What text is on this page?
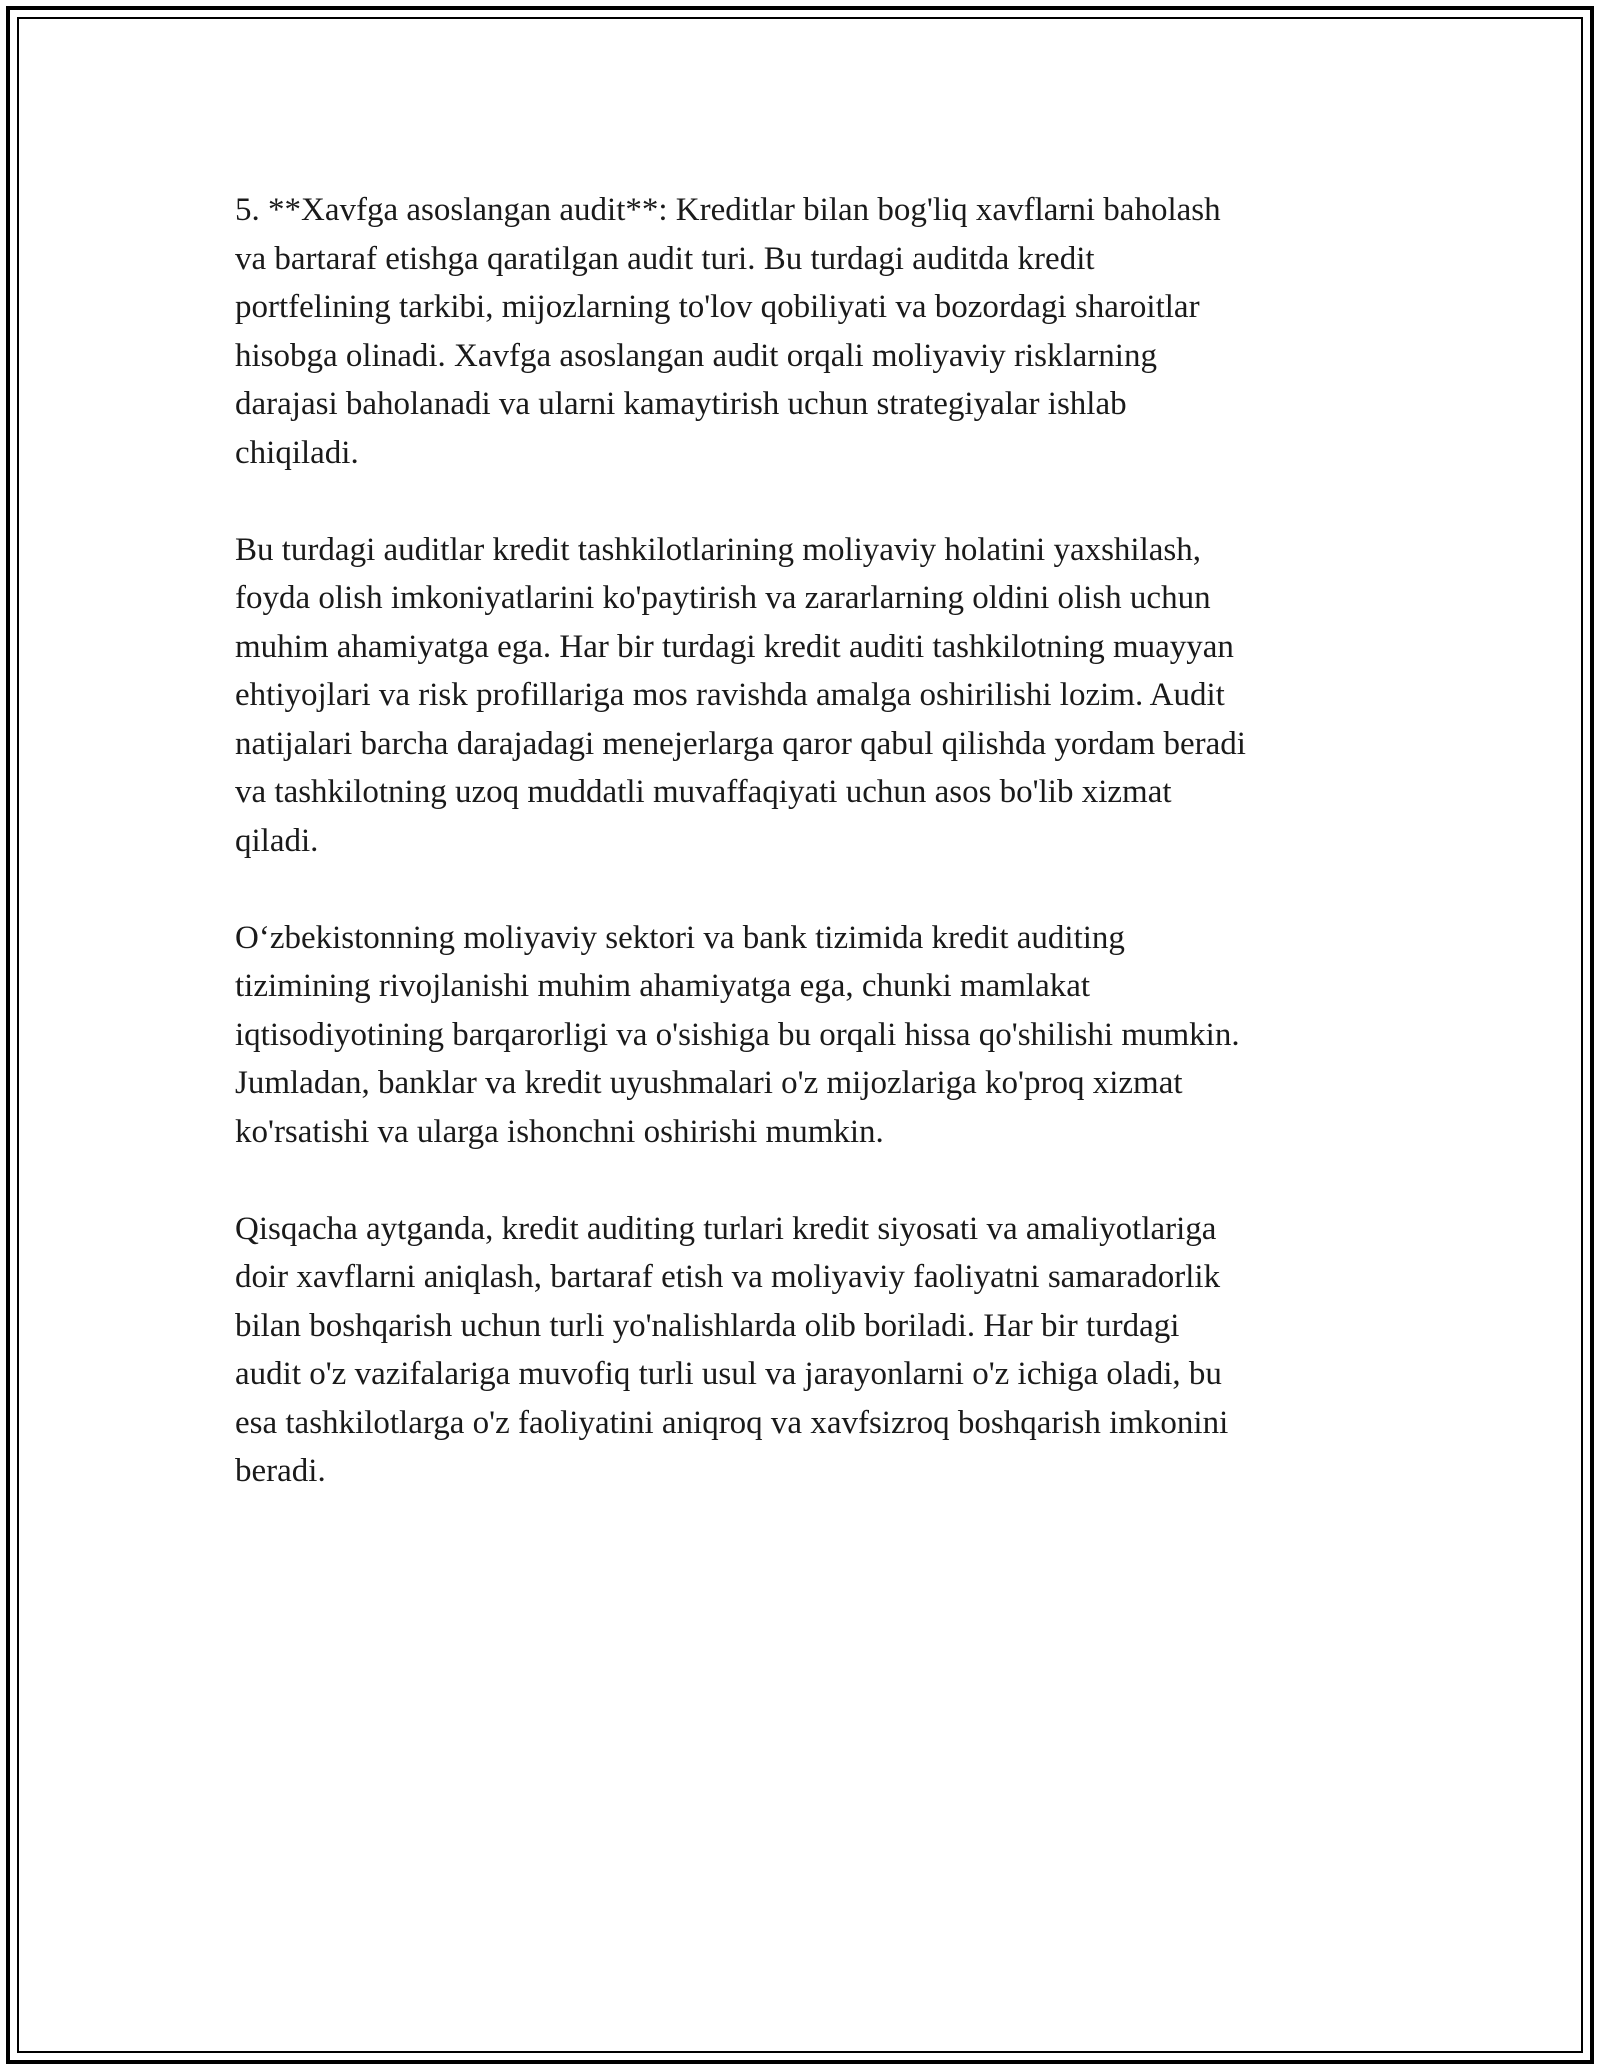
5. **Xavfga asoslangan audit**: Kreditlar bilan bog'liq xavflarni baholash

va bartaraf etishga qaratilgan audit turi. Bu turdagi auditda kredit

portfelining tarkibi, mijozlarning to'lov qobiliyati va bozordagi sharoitlar

hisobga olinadi. Xavfga asoslangan audit orqali moliyaviy risklarning

darajasi baholanadi va ularni kamaytirish uchun strategiyalar ishlab

chiqiladi.

Bu turdagi auditlar kredit tashkilotlarining moliyaviy holatini yaxshilash,

foyda olish imkoniyatlarini ko'paytirish va zararlarning oldini olish uchun

muhim ahamiyatga ega. Har bir turdagi kredit auditi tashkilotning muayyan

ehtiyojlari va risk profillariga mos ravishda amalga oshirilishi lozim. Audit

natijalari barcha darajadagi menejerlarga qaror qabul qilishda yordam beradi

va tashkilotning uzoq muddatli muvaffaqiyati uchun asos bo'lib xizmat

qiladi.

O‘zbekistonning moliyaviy sektori va bank tizimida kredit auditing

tizimining rivojlanishi muhim ahamiyatga ega, chunki mamlakat

iqtisodiyotining barqarorligi va o'sishiga bu orqali hissa qo'shilishi mumkin.

Jumladan, banklar va kredit uyushmalari o'z mijozlariga ko'proq xizmat

ko'rsatishi va ularga ishonchni oshirishi mumkin.

Qisqacha aytganda, kredit auditing turlari kredit siyosati va amaliyotlariga

doir xavflarni aniqlash, bartaraf etish va moliyaviy faoliyatni samaradorlik

bilan boshqarish uchun turli yo'nalishlarda olib boriladi. Har bir turdagi

audit o'z vazifalariga muvofiq turli usul va jarayonlarni o'z ichiga oladi, bu

esa tashkilotlarga o'z faoliyatini aniqroq va xavfsizroq boshqarish imkonini

beradi.
